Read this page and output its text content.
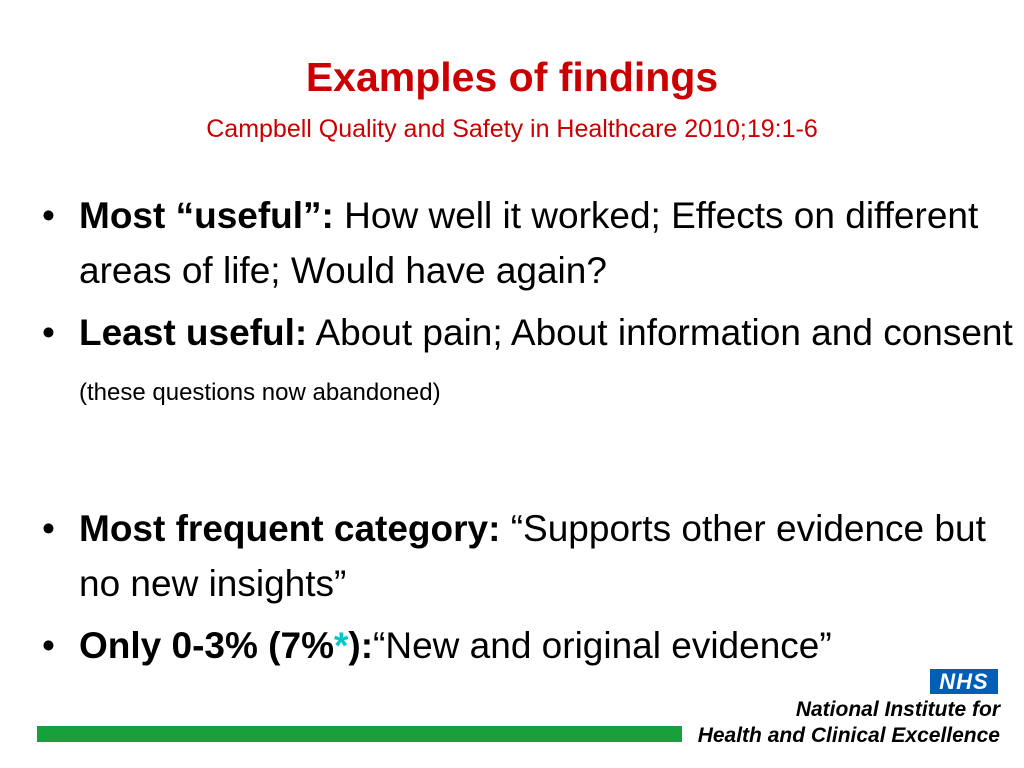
Examples of findings
Campbell Quality and Safety in Healthcare 2010;19:1-6
• Most “useful”: How well it worked; Effects on different areas of life; Would have again?
• Least useful: About pain; About information and consent (these questions now abandoned)
• Most frequent category: “Supports other evidence but no new insights”
• Only 0-3% (7%*):“New and original evidence”
NHS
National Institute for
Health and Clinical Excellence
